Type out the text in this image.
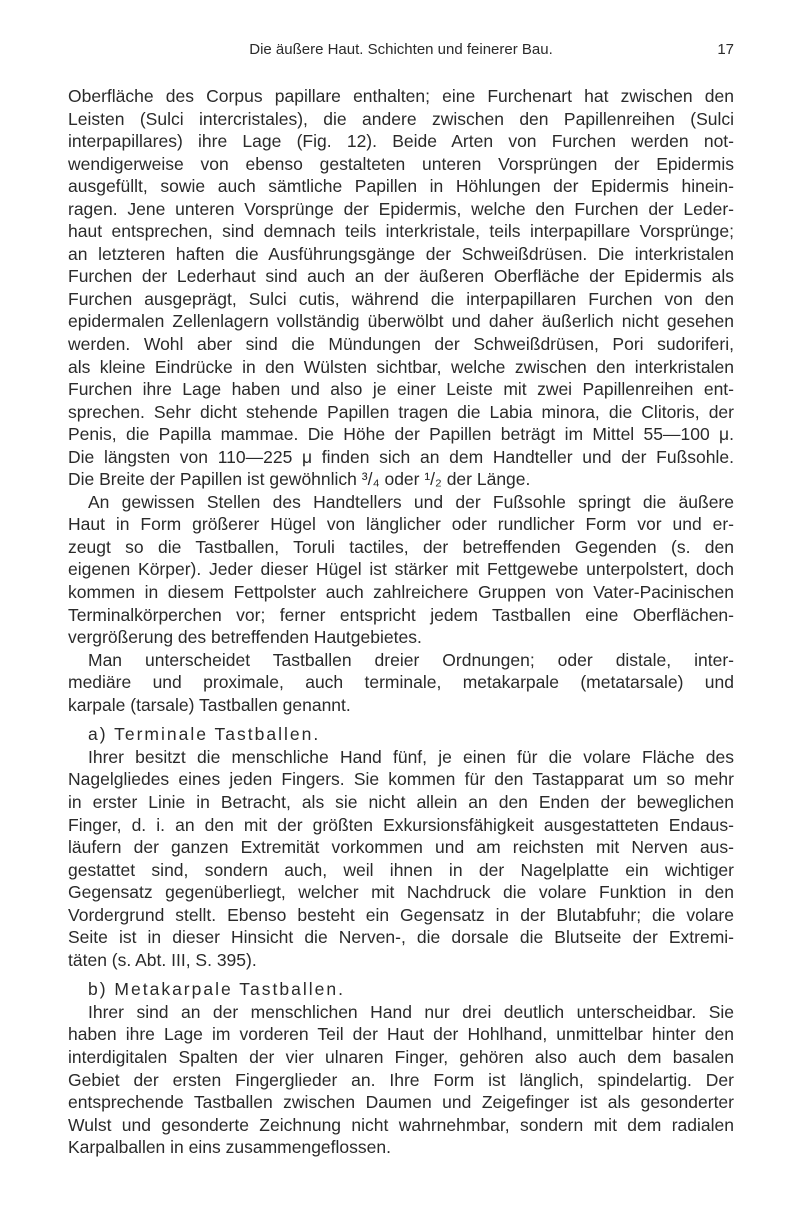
Die äußere Haut. Schichten und feinerer Bau.	17
Oberfläche des Corpus papillare enthalten; eine Furchenart hat zwischen den
Leisten (Sulci intercristales), die andere zwischen den Papillenreihen (Sulci
interpapillares) ihre Lage (Fig. 12). Beide Arten von Furchen werden not-
wendigerweise von ebenso gestalteten unteren Vorsprüngen der Epidermis
ausgefüllt, sowie auch sämtliche Papillen in Höhlungen der Epidermis hinein-
ragen. Jene unteren Vorsprünge der Epidermis, welche den Furchen der Leder-
haut entsprechen, sind demnach teils interkristale, teils interpapillare Vorsprünge;
an letzteren haften die Ausführungsgänge der Schweißdrüsen. Die interkristalen
Furchen der Lederhaut sind auch an der äußeren Oberfläche der Epidermis als
Furchen ausgeprägt, Sulci cutis, während die interpapillaren Furchen von den
epidermalen Zellenlagern vollständig überwölbt und daher äußerlich nicht gesehen
werden. Wohl aber sind die Mündungen der Schweißdrüsen, Pori sudoriferi,
als kleine Eindrücke in den Wülsten sichtbar, welche zwischen den interkristalen
Furchen ihre Lage haben und also je einer Leiste mit zwei Papillenreihen ent-
sprechen. Sehr dicht stehende Papillen tragen die Labia minora, die Clitoris, der
Penis, die Papilla mammae. Die Höhe der Papillen beträgt im Mittel 55—100 μ.
Die längsten von 110—225 μ finden sich an dem Handteller und der Fußsohle.
Die Breite der Papillen ist gewöhnlich ³/₄ oder ¹/₂ der Länge.
An gewissen Stellen des Handtellers und der Fußsohle springt die äußere
Haut in Form größerer Hügel von länglicher oder rundlicher Form vor und er-
zeugt so die Tastballen, Toruli tactiles, der betreffenden Gegenden (s. den
eigenen Körper). Jeder dieser Hügel ist stärker mit Fettgewebe unterpolstert, doch
kommen in diesem Fettpolster auch zahlreichere Gruppen von Vater-Pacinischen
Terminalkörperchen vor; ferner entspricht jedem Tastballen eine Oberflächen-
vergrößerung des betreffenden Hautgebietes.
Man unterscheidet Tastballen dreier Ordnungen; oder distale, inter-
mediäre und proximale, auch terminale, metakarpale (metatarsale) und
karpale (tarsale) Tastballen genannt.
a) Terminale Tastballen.
Ihrer besitzt die menschliche Hand fünf, je einen für die volare Fläche des
Nagelgliedes eines jeden Fingers. Sie kommen für den Tastapparat um so mehr
in erster Linie in Betracht, als sie nicht allein an den Enden der beweglichen
Finger, d. i. an den mit der größten Exkursionsfähigkeit ausgestatteten Endaus-
läufern der ganzen Extremität vorkommen und am reichsten mit Nerven aus-
gestattet sind, sondern auch, weil ihnen in der Nagelplatte ein wichtiger
Gegensatz gegenüberliegt, welcher mit Nachdruck die volare Funktion in den
Vordergrund stellt. Ebenso besteht ein Gegensatz in der Blutabfuhr; die volare
Seite ist in dieser Hinsicht die Nerven-, die dorsale die Blutseite der Extremi-
täten (s. Abt. III, S. 395).
b) Metakarpale Tastballen.
Ihrer sind an der menschlichen Hand nur drei deutlich unterscheidbar. Sie
haben ihre Lage im vorderen Teil der Haut der Hohlhand, unmittelbar hinter den
interdigitalen Spalten der vier ulnaren Finger, gehören also auch dem basalen
Gebiet der ersten Fingerglieder an. Ihre Form ist länglich, spindelartig. Der
entsprechende Tastballen zwischen Daumen und Zeigefinger ist als gesonderter
Wulst und gesonderte Zeichnung nicht wahrnehmbar, sondern mit dem radialen
Karpalballen in eins zusammengeflossen.
